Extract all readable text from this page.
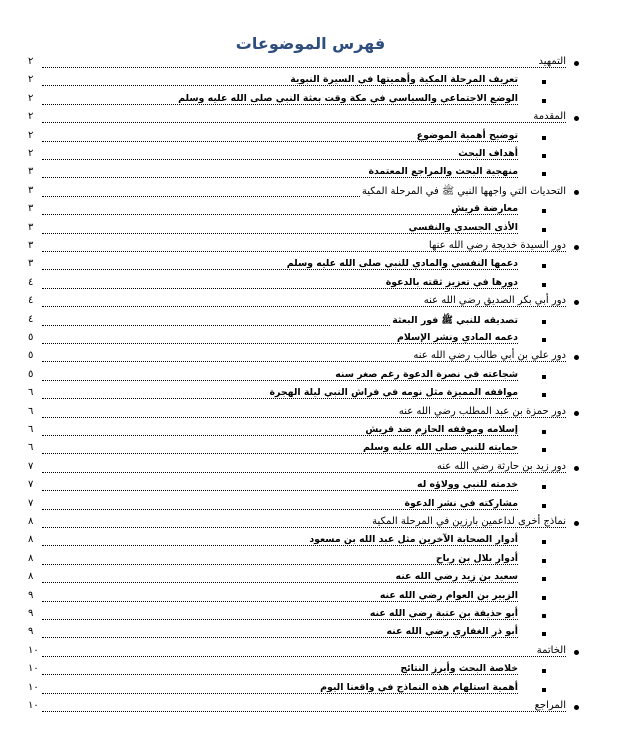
فهرس الموضوعات
٢	التمهيد
٢	تعريف المرحلة المكية وأهميتها في السيرة النبوية
٢	الوضع الاجتماعي والسياسي في مكة وقت بعثة النبي صلى الله عليه وسلم
٢	المقدمة
٢	توضيح أهمية الموضوع
٢	أهداف البحث
٣	منهجية البحث والمراجع المعتمدة
٣	التحديات التي واجهها النبي ﷺ في المرحلة المكية
٣	معارضة قريش
٣	الأذى الجسدي والنفسي
٣	دور السيدة خديجة رضي الله عنها
٣	دعمها النفسي والمادي للنبي صلى الله عليه وسلم
٤	دورها في تعزيز ثقته بالدعوة
٤	دور أبي بكر الصديق رضي الله عنه
٤	تصديقه للنبي ﷺ فور البعثة
٥	دعمه المادي ونشر الإسلام
٥	دور علي بن أبي طالب رضي الله عنه
٥	شجاعته في نصرة الدعوة رغم صغر سنه
٦	مواقفه المميزة مثل نومه في فراش النبي ليلة الهجرة
٦	دور حمزة بن عبد المطلب رضي الله عنه
٦	إسلامه وموقفه الحازم ضد قريش
٦	حمايته للنبي صلى الله عليه وسلم
٧	دور زيد بن حارثة رضي الله عنه
٧	خدمته للنبي وولاؤه له
٧	مشاركته في نشر الدعوة
٨	نماذج أخرى لداعمين بارزين في المرحلة المكية
٨	أدوار الصحابة الآخرين مثل عبد الله بن مسعود
٨	أدوار بلال بن رباح
٨	سعيد بن زيد رضي الله عنه
٩	الزبير بن العوام رضي الله عنه
٩	أبو حذيفة بن عتبة رضي الله عنه
٩	أبو ذر الغفاري رضي الله عنه
١٠	الخاتمة
١٠	خلاصة البحث وأبرز النتائج
١٠	أهمية استلهام هذه النماذج في واقعنا اليوم
١٠	المراجع
